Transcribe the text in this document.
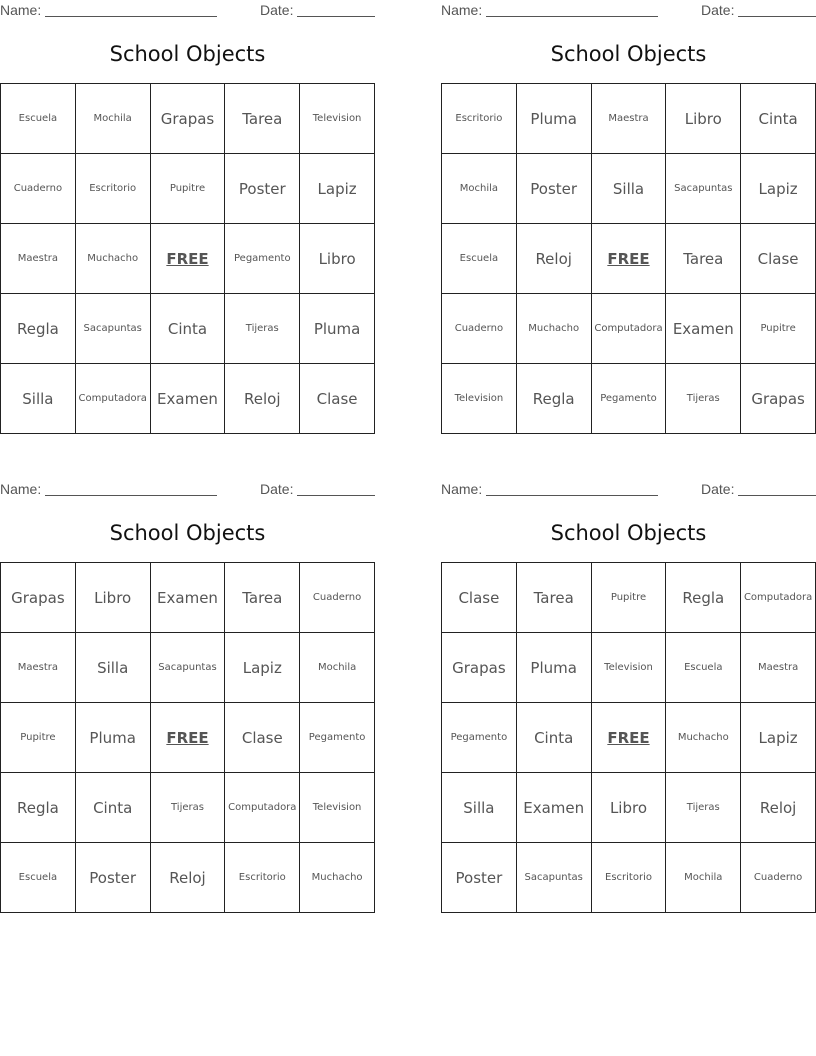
Name:	Date:
School Objects
Escuela	Mochila	Grapas	Tarea	Television
Cuaderno	Escritorio	Pupitre	Poster	Lapiz
Maestra	Muchacho	FREE	Pegamento	Libro
Regla	Sacapuntas	Cinta	Tijeras	Pluma
Silla	Computadora	Examen	Reloj	Clase
Name:	Date:
School Objects
Escritorio	Pluma	Maestra	Libro	Cinta
Mochila	Poster	Silla	Sacapuntas	Lapiz
Escuela	Reloj	FREE	Tarea	Clase
Cuaderno	Muchacho	Computadora	Examen	Pupitre
Television	Regla	Pegamento	Tijeras	Grapas
Name:	Date:
School Objects
Grapas	Libro	Examen	Tarea	Cuaderno
Maestra	Silla	Sacapuntas	Lapiz	Mochila
Pupitre	Pluma	FREE	Clase	Pegamento
Regla	Cinta	Tijeras	Computadora	Television
Escuela	Poster	Reloj	Escritorio	Muchacho
Name:	Date:
School Objects
Clase	Tarea	Pupitre	Regla	Computadora
Grapas	Pluma	Television	Escuela	Maestra
Pegamento	Cinta	FREE	Muchacho	Lapiz
Silla	Examen	Libro	Tijeras	Reloj
Poster	Sacapuntas	Escritorio	Mochila	Cuaderno
